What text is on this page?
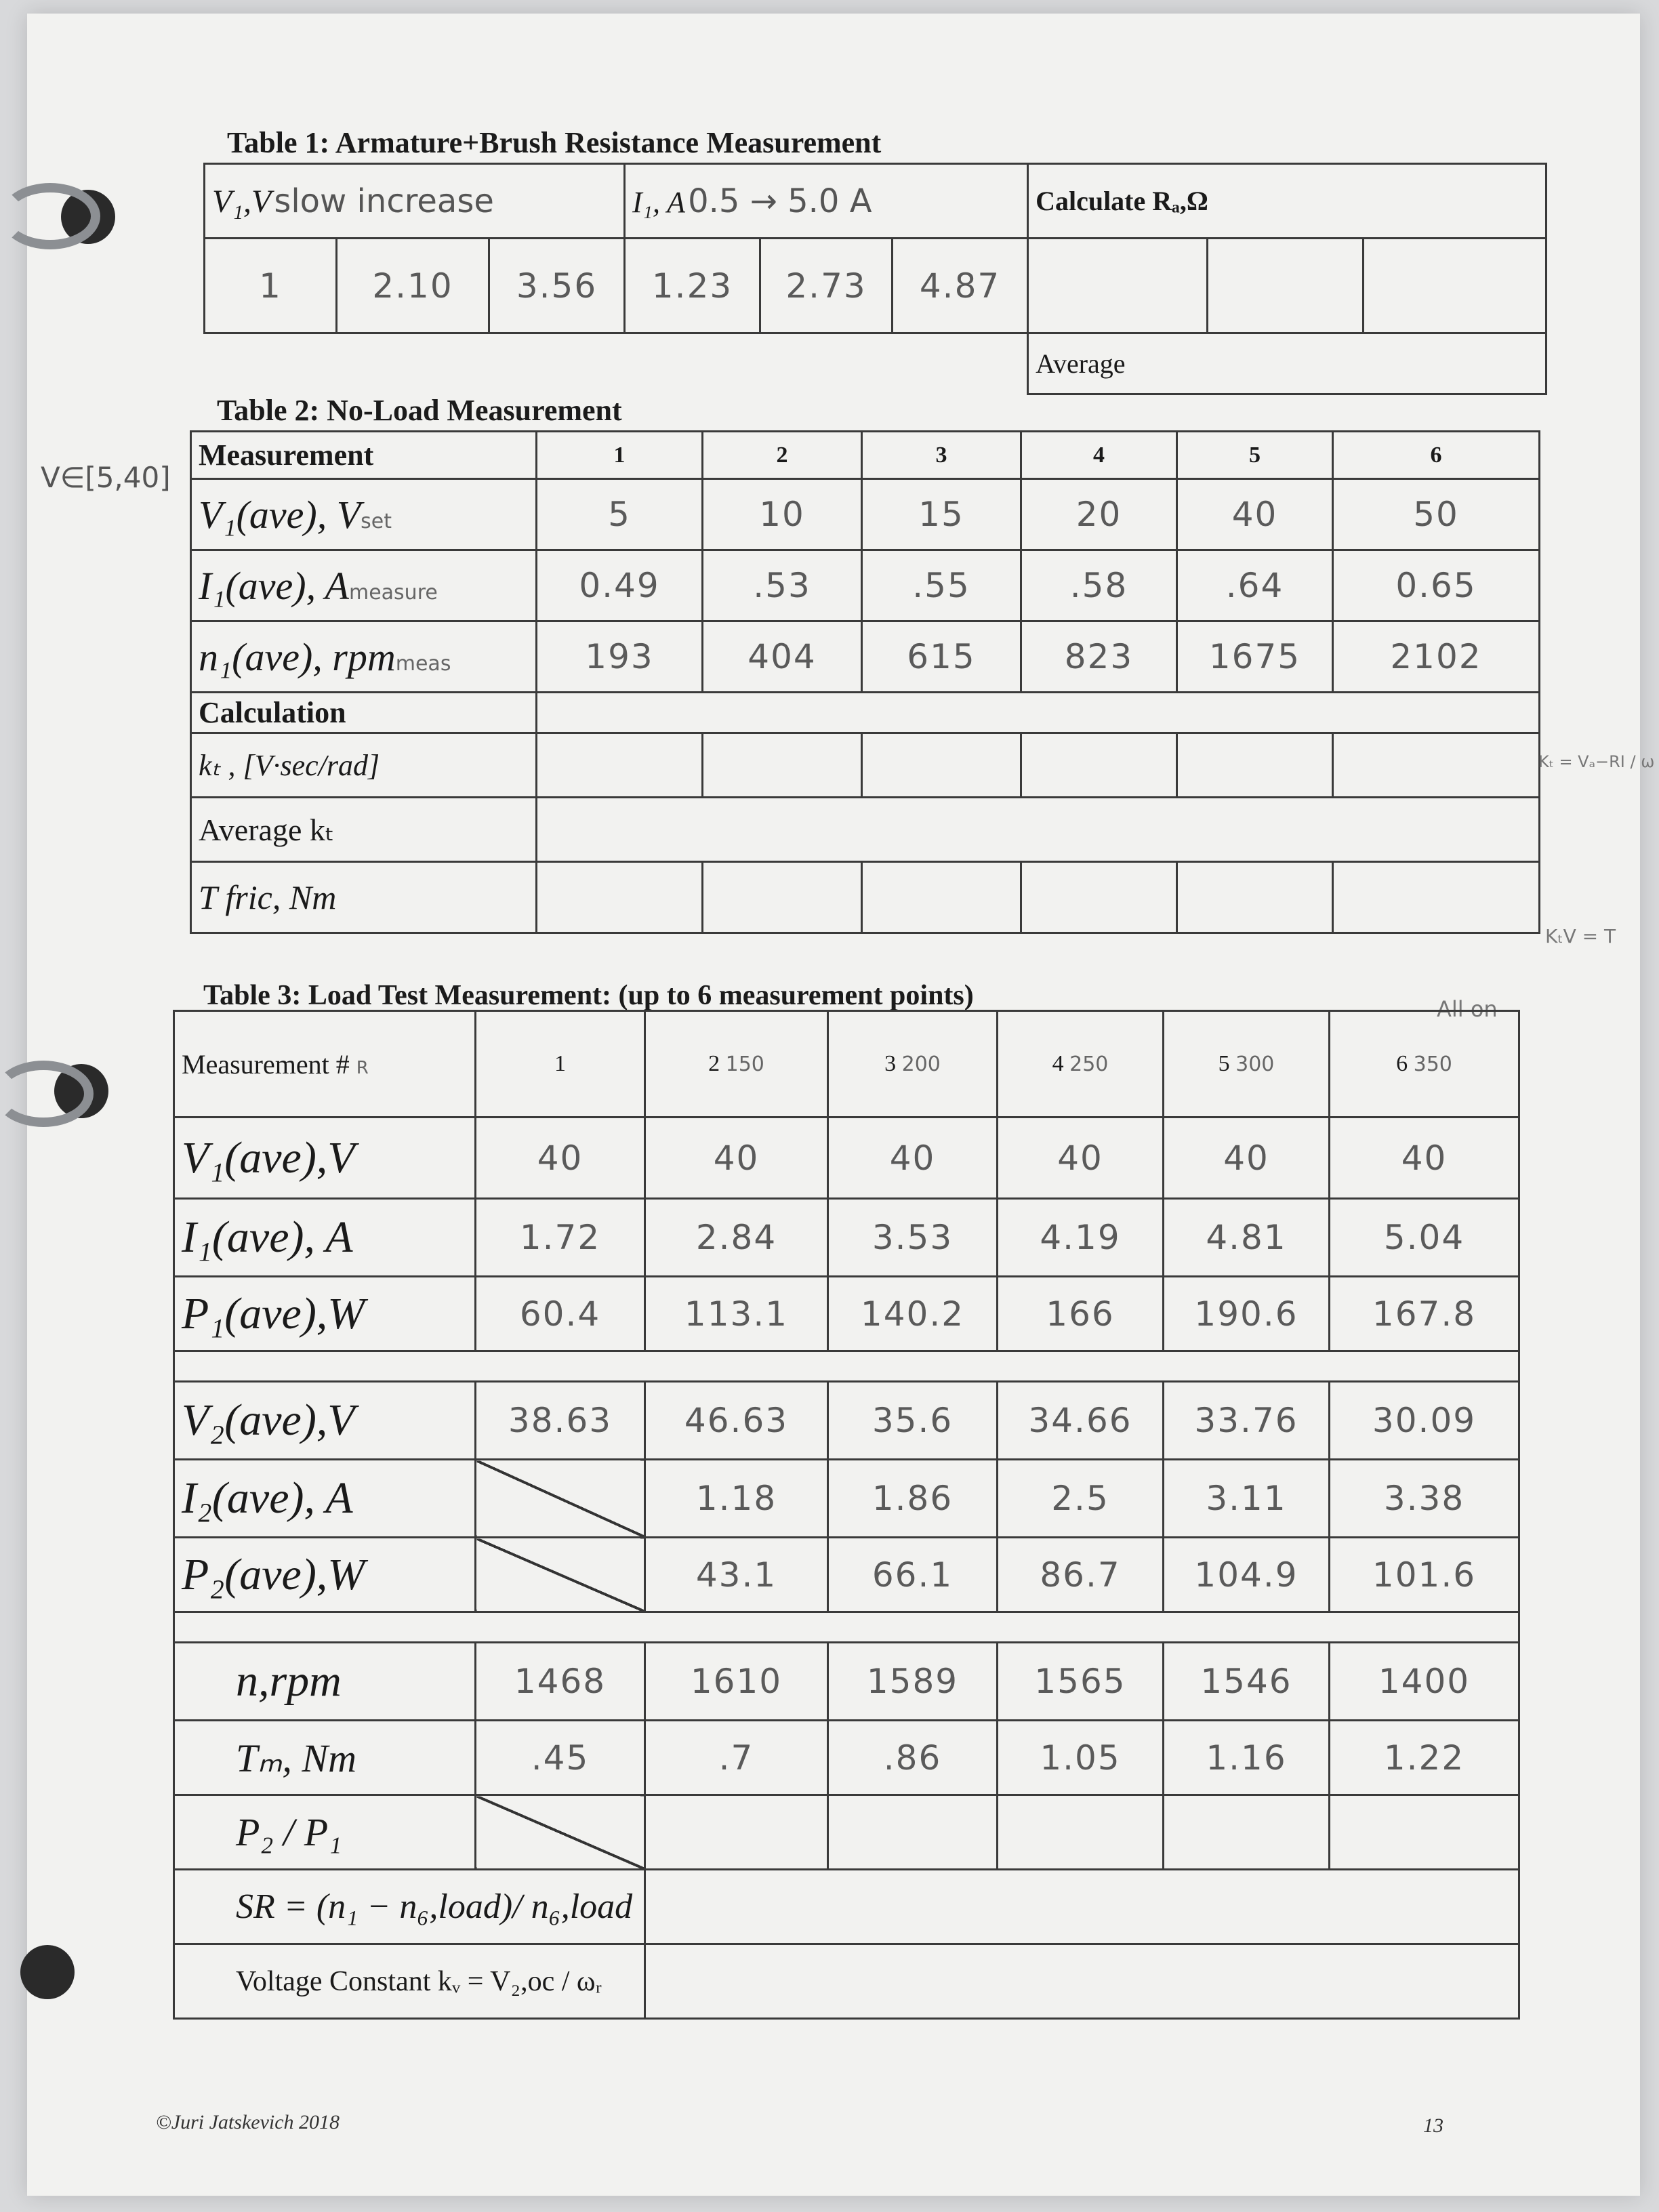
Table 1: Armature+Brush Resistance Measurement
V₁,V slow increase			I₁, A 0.5 → 5.0 A			Calculate Rₐ,Ω		
1	2.10	3.56	1.23	2.73	4.87			
						Average		
Table 2: No-Load Measurement
V∈[5,40]
Measurement	1	2	3	4	5	6
V₁(ave), Vset	5	10	15	20	40	50
I₁(ave), Ameasure	0.49	.53	.55	.58	.64	0.65
n₁(ave), rpmmeas	193	404	615	823	1675	2102
Calculation						
kₜ , [V·sec/rad]						
Average kₜ						
T fric, Nm						
Kₜ = Vₐ−RI / ω
KₜV = T
Table 3: Load Test Measurement: (up to 6 measurement points)	All on
Measurement # R	1	2 150	3 200	4 250	5 300	6 350
V₁(ave),V	40	40	40	40	40	40
I₁(ave), A	1.72	2.84	3.53	4.19	4.81	5.04
P₁(ave),W	60.4	113.1	140.2	166	190.6	167.8

V₂(ave),V	38.63	46.63	35.6	34.66	33.76	30.09
I₂(ave), A		1.18	1.86	2.5	3.11	3.38
P₂(ave),W		43.1	66.1	86.7	104.9	101.6

n,rpm	1468	1610	1589	1565	1546	1400
Tₘ, Nm	.45	.7	.86	1.05	1.16	1.22
P₂ / P₁						
SR = (n₁ − n₆,load)/ n₆,load						
Voltage Constant kᵥ = V₂,oc / ωᵣ						
©Juri Jatskevich 2018	13
